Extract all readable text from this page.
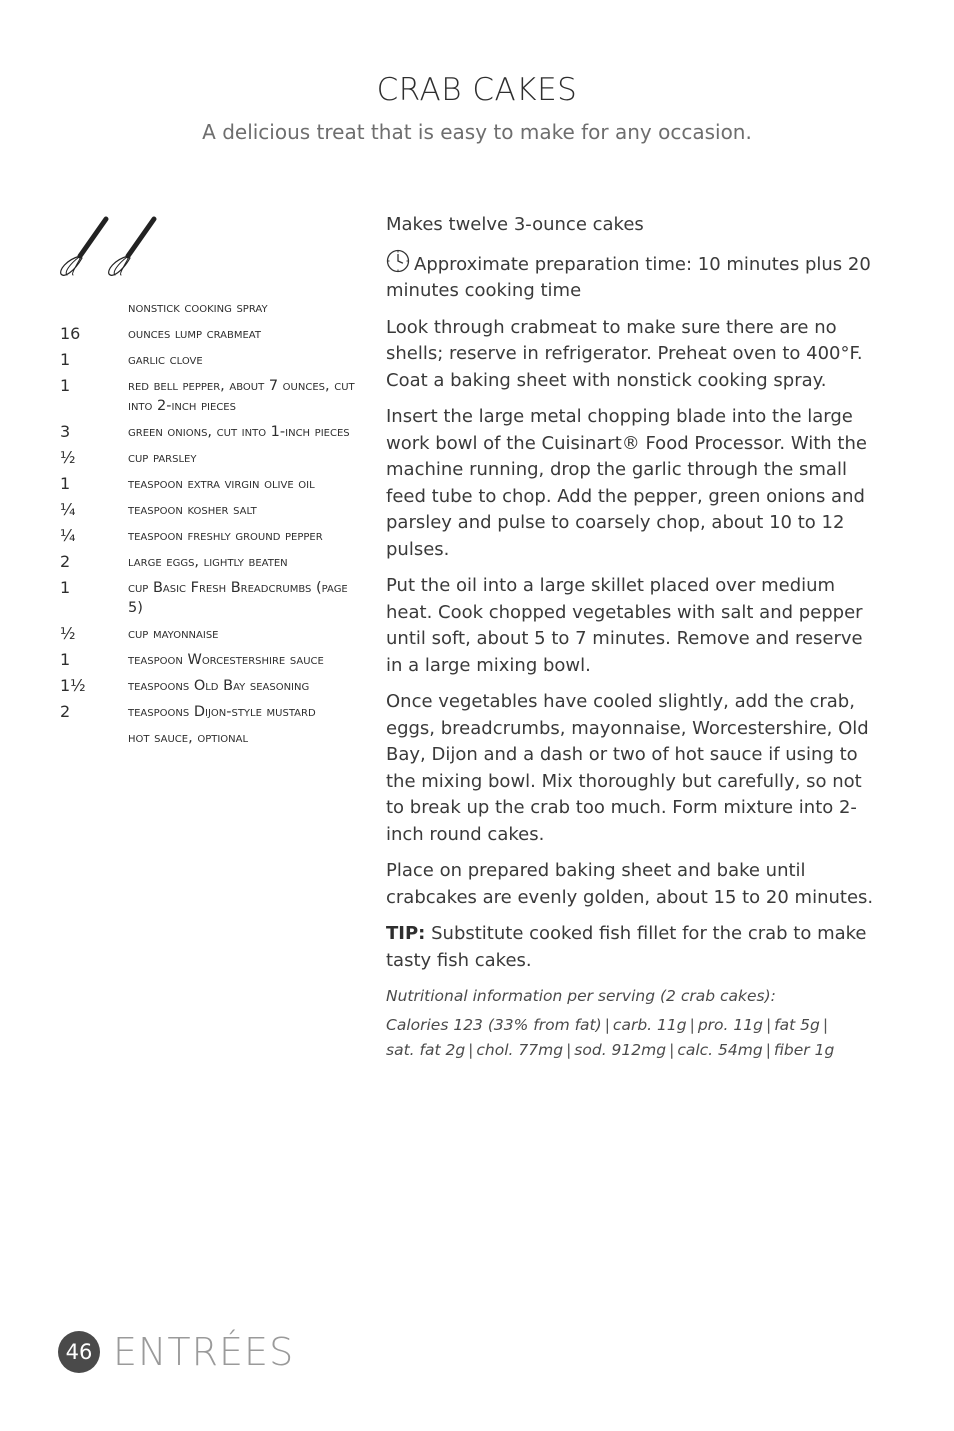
CRAB CAKES

A delicious treat that is easy to make for any occasion.

nonstick cooking spray
16	ounces lump crabmeat
1	garlic clove
1	red bell pepper, about 7 ounces, cut into 2-inch pieces
3	green onions, cut into 1-inch pieces
½	cup parsley
1	teaspoon extra virgin olive oil
¼	teaspoon kosher salt
¼	teaspoon freshly ground pepper
2	large eggs, lightly beaten
1	cup Basic Fresh Breadcrumbs (page 5)
½	cup mayonnaise
1	teaspoon Worcestershire sauce
1½	teaspoons Old Bay seasoning
2	teaspoons Dijon-style mustard
hot sauce, optional

Makes twelve 3-ounce cakes

Approximate preparation time: 10 minutes plus 20 minutes cooking time

Look through crabmeat to make sure there are no shells; reserve in refrigerator. Preheat oven to 400°F. Coat a baking sheet with nonstick cooking spray.

Insert the large metal chopping blade into the large work bowl of the Cuisinart® Food Processor. With the machine running, drop the garlic through the small feed tube to chop. Add the pepper, green onions and parsley and pulse to coarsely chop, about 10 to 12 pulses.

Put the oil into a large skillet placed over medium heat. Cook chopped vegetables with salt and pepper until soft, about 5 to 7 minutes. Remove and reserve in a large mixing bowl.

Once vegetables have cooled slightly, add the crab, eggs, breadcrumbs, mayonnaise, Worcestershire, Old Bay, Dijon and a dash or two of hot sauce if using to the mixing bowl. Mix thoroughly but carefully, so not to break up the crab too much. Form mixture into 2-inch round cakes.

Place on prepared baking sheet and bake until crabcakes are evenly golden, about 15 to 20 minutes.

TIP: Substitute cooked fish fillet for the crab to make tasty fish cakes.

Nutritional information per serving (2 crab cakes):

Calories 123 (33% from fat) | carb. 11g | pro. 11g | fat 5g |
sat. fat 2g | chol. 77mg | sod. 912mg | calc. 54mg | fiber 1g

46 ENTRÉES
